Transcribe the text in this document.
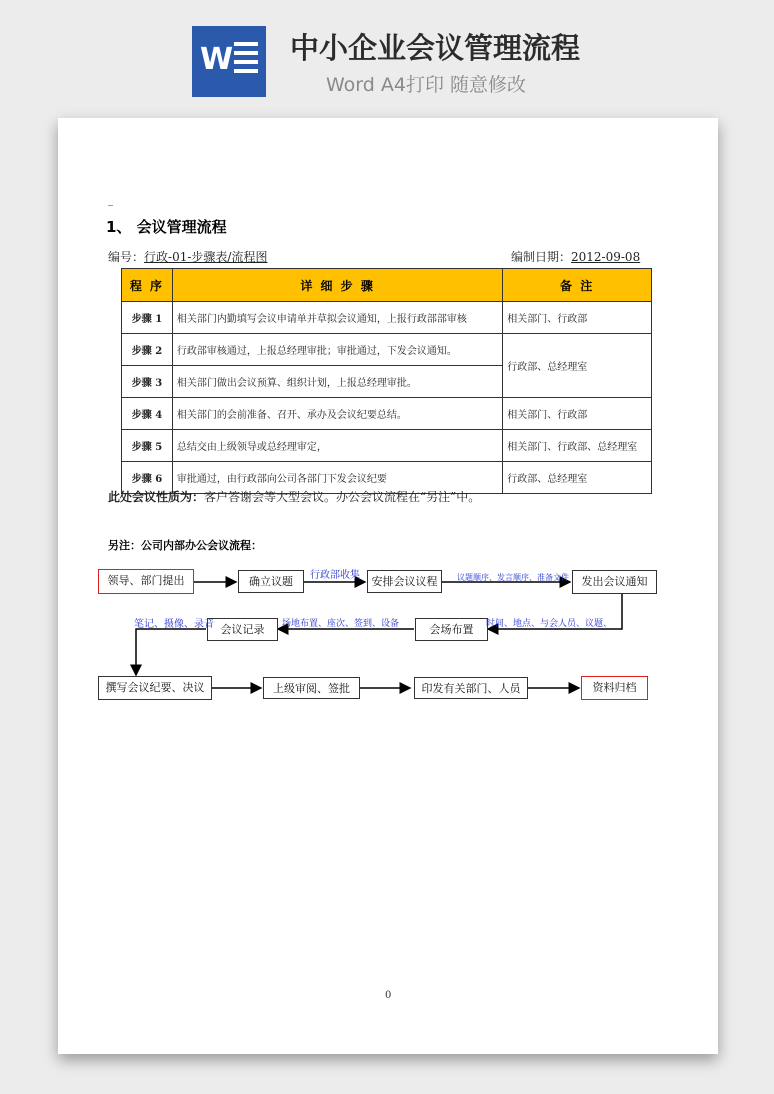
W 中小企业会议管理流程
Word A4打印 随意修改
_
1、 会议管理流程
编号：行政-01-步骤表/流程图	编制日期：2012-09-08
程 序	详 细 步 骤	备 注
步骤 1	相关部门内勤填写会议申请单并草拟会议通知，上报行政部部审核	相关部门、行政部
步骤 2	行政部审核通过，上报总经理审批；审批通过，下发会议通知。	行政部、总经理室
步骤 3	相关部门做出会议预算、组织计划，上报总经理审批。	
步骤 4	相关部门的会前准备、召开、承办及会议纪要总结。	相关部门、行政部
步骤 5	总结交由上级领导或总经理审定，	相关部门、行政部、总经理室
步骤 6	审批通过，由行政部向公司各部门下发会议纪要	行政部、总经理室
此处会议性质为：客户答谢会等大型会议。办公会议流程在“另注”中。
另注：公司内部办公会议流程：
领导、部门提出	确立议题	安排会议议程	发出会议通知
会场布置
会议记录
撰写会议纪要、决议	上级审阅、签批	印发有关部门、人员	资料归档
行政部收集	议题顺序、发言顺序、准备文件
时间、地点、与会人员、议题、
场地布置、座次、签到、设备
笔记、摄像、录音
0
